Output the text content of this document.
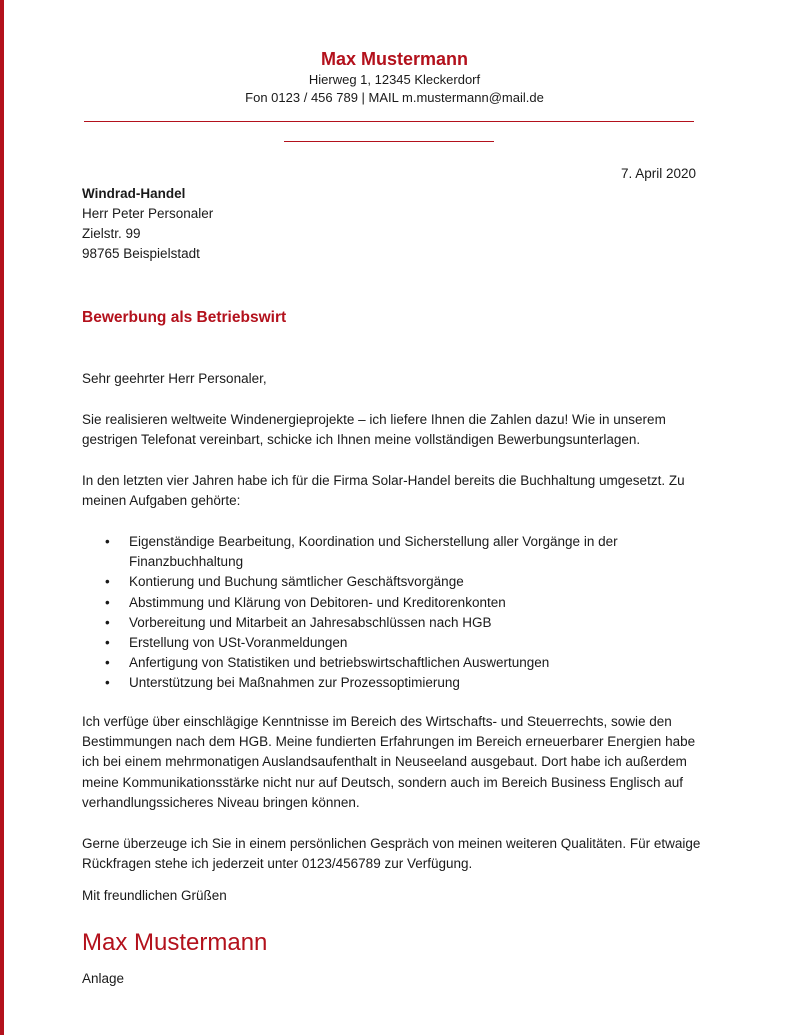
Max Mustermann
Hierweg 1, 12345 Kleckerdorf
Fon 0123 / 456 789 | MAIL m.mustermann@mail.de
7. April 2020
Windrad-Handel
Herr Peter Personaler
Zielstr. 99
98765 Beispielstadt
Bewerbung als Betriebswirt
Sehr geehrter Herr Personaler,

Sie realisieren weltweite Windenergieprojekte – ich liefere Ihnen die Zahlen dazu! Wie in unserem gestrigen Telefonat vereinbart, schicke ich Ihnen meine vollständigen Bewerbungsunterlagen.

In den letzten vier Jahren habe ich für die Firma Solar-Handel bereits die Buchhaltung umgesetzt. Zu meinen Aufgaben gehörte:

• Eigenständige Bearbeitung, Koordination und Sicherstellung aller Vorgänge in der Finanzbuchhaltung
• Kontierung und Buchung sämtlicher Geschäftsvorgänge
• Abstimmung und Klärung von Debitoren- und Kreditorenkonten
• Vorbereitung und Mitarbeit an Jahresabschlüssen nach HGB
• Erstellung von USt-Voranmeldungen
• Anfertigung von Statistiken und betriebswirtschaftlichen Auswertungen
• Unterstützung bei Maßnahmen zur Prozessoptimierung

Ich verfüge über einschlägige Kenntnisse im Bereich des Wirtschafts- und Steuerrechts, sowie den Bestimmungen nach dem HGB. Meine fundierten Erfahrungen im Bereich erneuerbarer Energien habe ich bei einem mehrmonatigen Auslandsaufenthalt in Neuseeland ausgebaut. Dort habe ich außerdem meine Kommunikationsstärke nicht nur auf Deutsch, sondern auch im Bereich Business Englisch auf verhandlungssicheres Niveau bringen können.

Gerne überzeuge ich Sie in einem persönlichen Gespräch von meinen weiteren Qualitäten. Für etwaige Rückfragen stehe ich jederzeit unter 0123/456789 zur Verfügung.

Mit freundlichen Grüßen
Max Mustermann
Anlage
